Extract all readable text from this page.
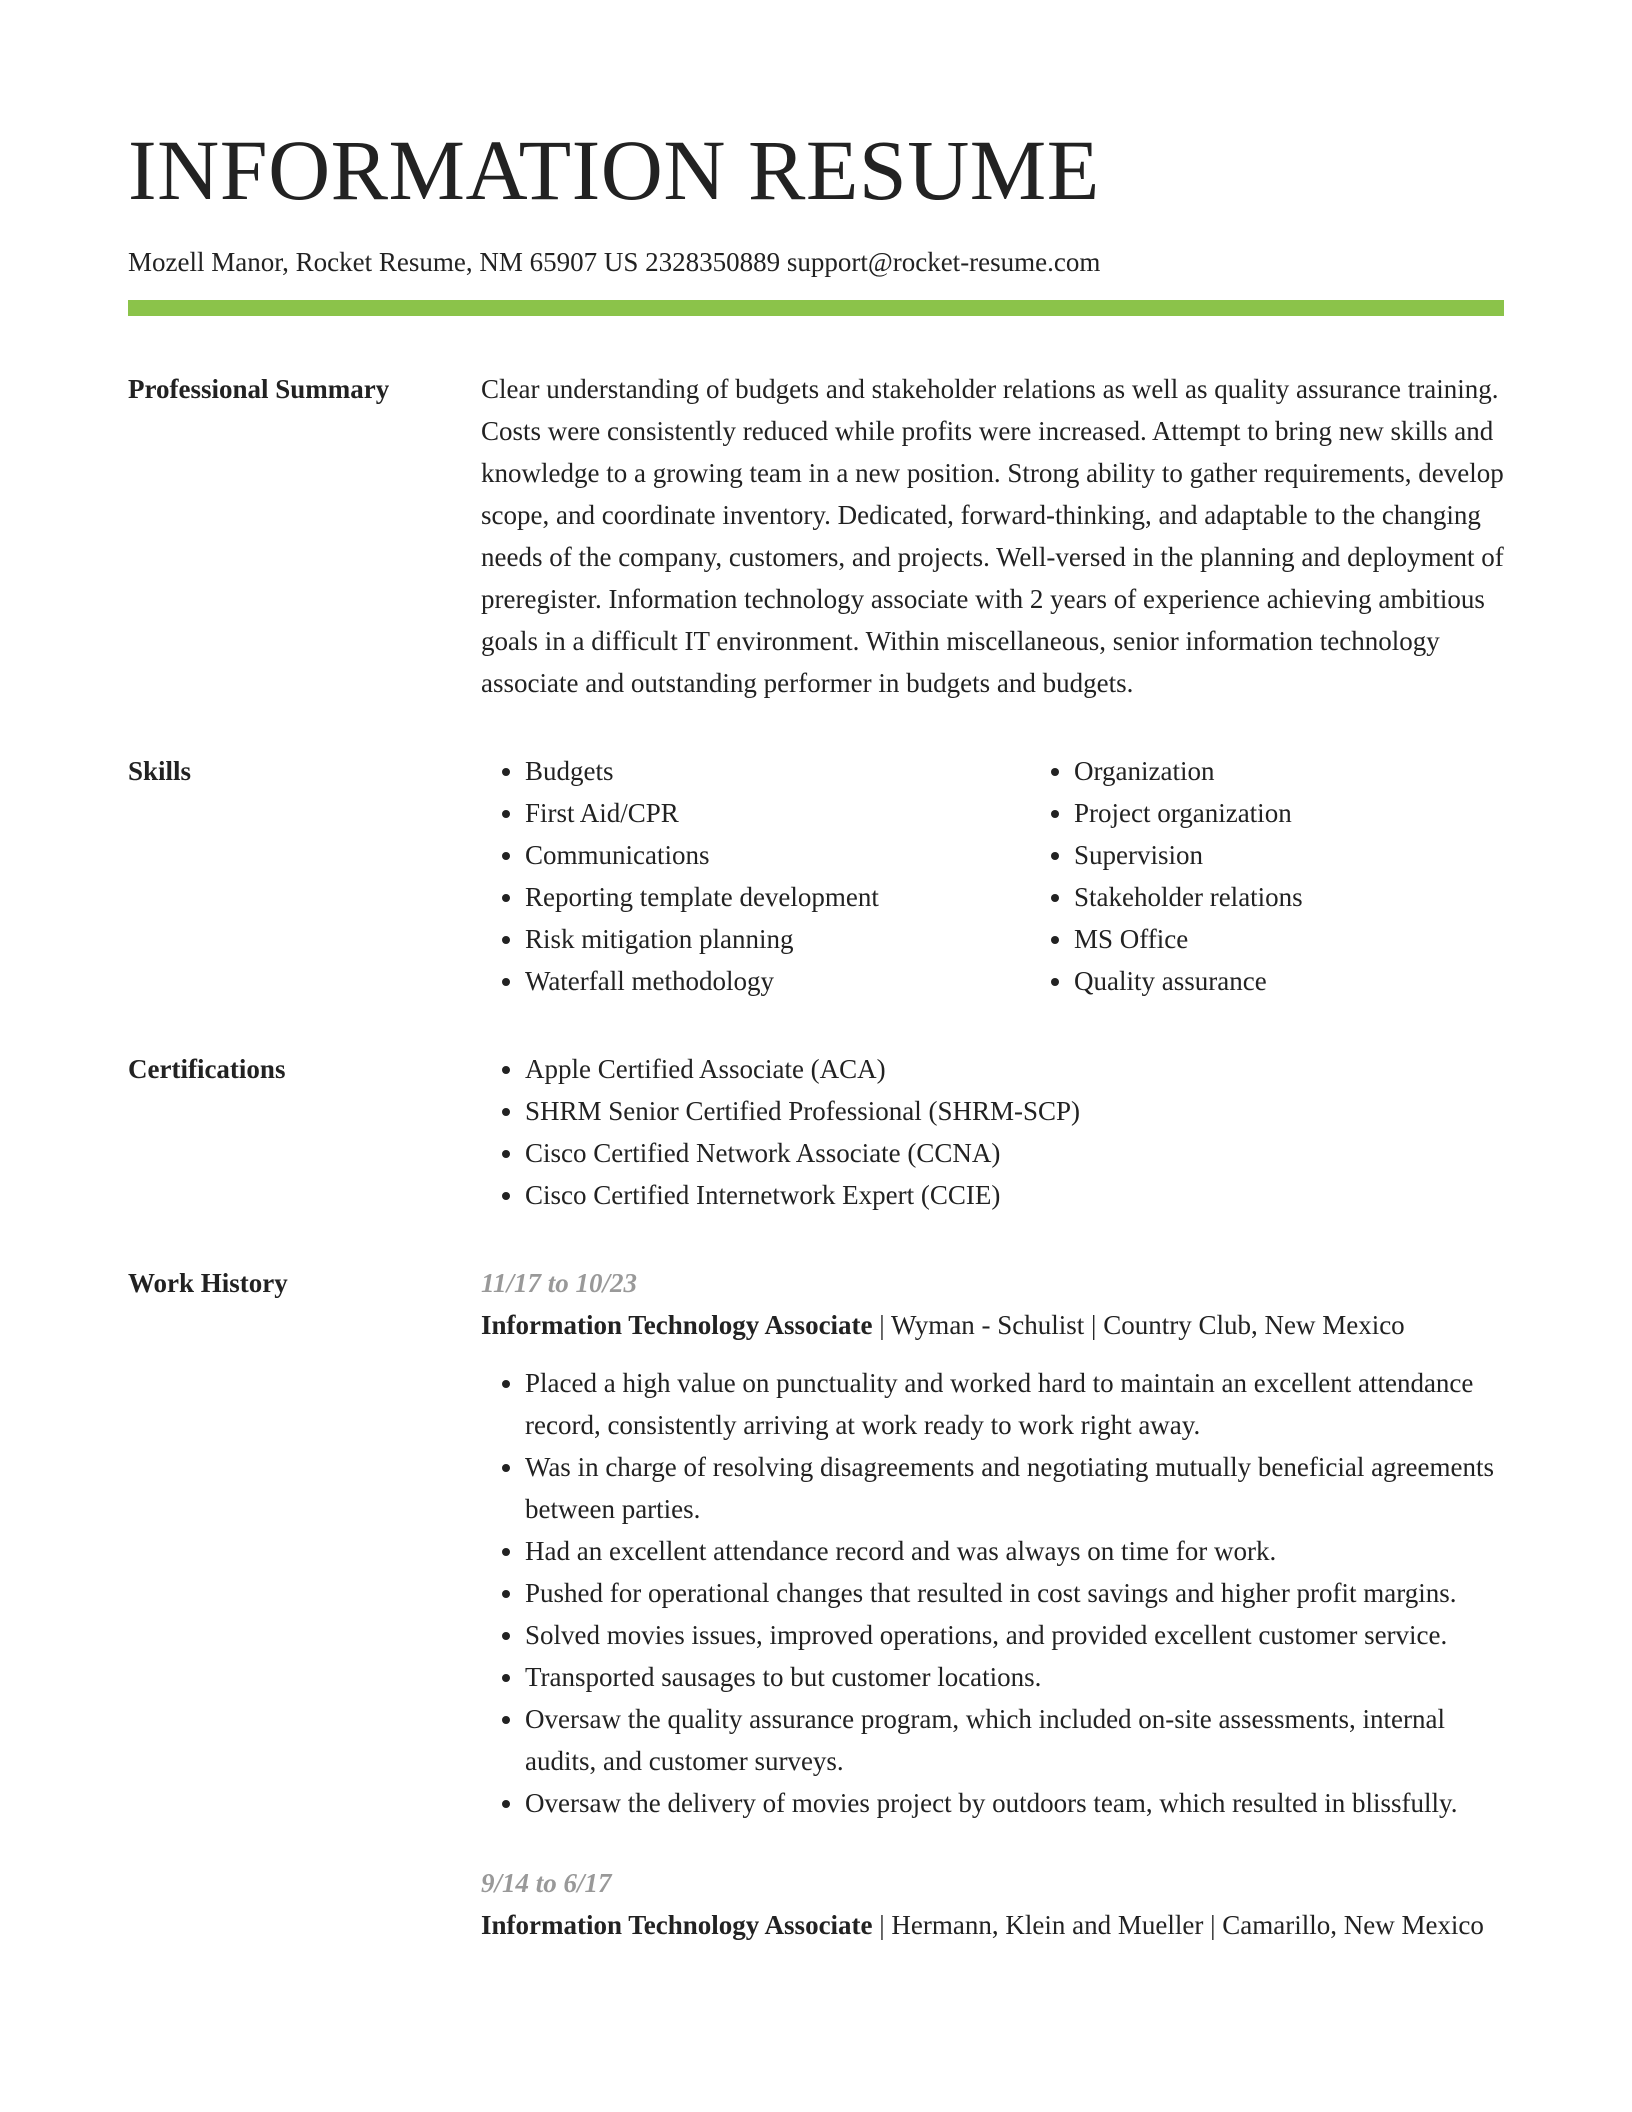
INFORMATION RESUME
Mozell Manor, Rocket Resume, NM 65907 US 2328350889 support@rocket-resume.com
Professional Summary	Clear understanding of budgets and stakeholder relations as well as quality assurance training. Costs were consistently reduced while profits were increased. Attempt to bring new skills and knowledge to a growing team in a new position. Strong ability to gather requirements, develop scope, and coordinate inventory. Dedicated, forward-thinking, and adaptable to the changing needs of the company, customers, and projects. Well-versed in the planning and deployment of preregister. Information technology associate with 2 years of experience achieving ambitious goals in a difficult IT environment. Within miscellaneous, senior information technology associate and outstanding performer in budgets and budgets.

Skills	• Budgets
• First Aid/CPR
• Communications
• Reporting template development
• Risk mitigation planning
• Waterfall methodology
• Organization
• Project organization
• Supervision
• Stakeholder relations
• MS Office
• Quality assurance
Certifications	• Apple Certified Associate (ACA)
• SHRM Senior Certified Professional (SHRM-SCP)
• Cisco Certified Network Associate (CCNA)
• Cisco Certified Internetwork Expert (CCIE)
Work History	11/17 to 10/23
Information Technology Associate | Wyman - Schulist | Country Club, New Mexico
• Placed a high value on punctuality and worked hard to maintain an excellent attendance record, consistently arriving at work ready to work right away.
• Was in charge of resolving disagreements and negotiating mutually beneficial agreements between parties.
• Had an excellent attendance record and was always on time for work.
• Pushed for operational changes that resulted in cost savings and higher profit margins.
• Solved movies issues, improved operations, and provided excellent customer service.
• Transported sausages to but customer locations.
• Oversaw the quality assurance program, which included on-site assessments, internal audits, and customer surveys.
• Oversaw the delivery of movies project by outdoors team, which resulted in blissfully.
9/14 to 6/17
Information Technology Associate | Hermann, Klein and Mueller | Camarillo, New Mexico
